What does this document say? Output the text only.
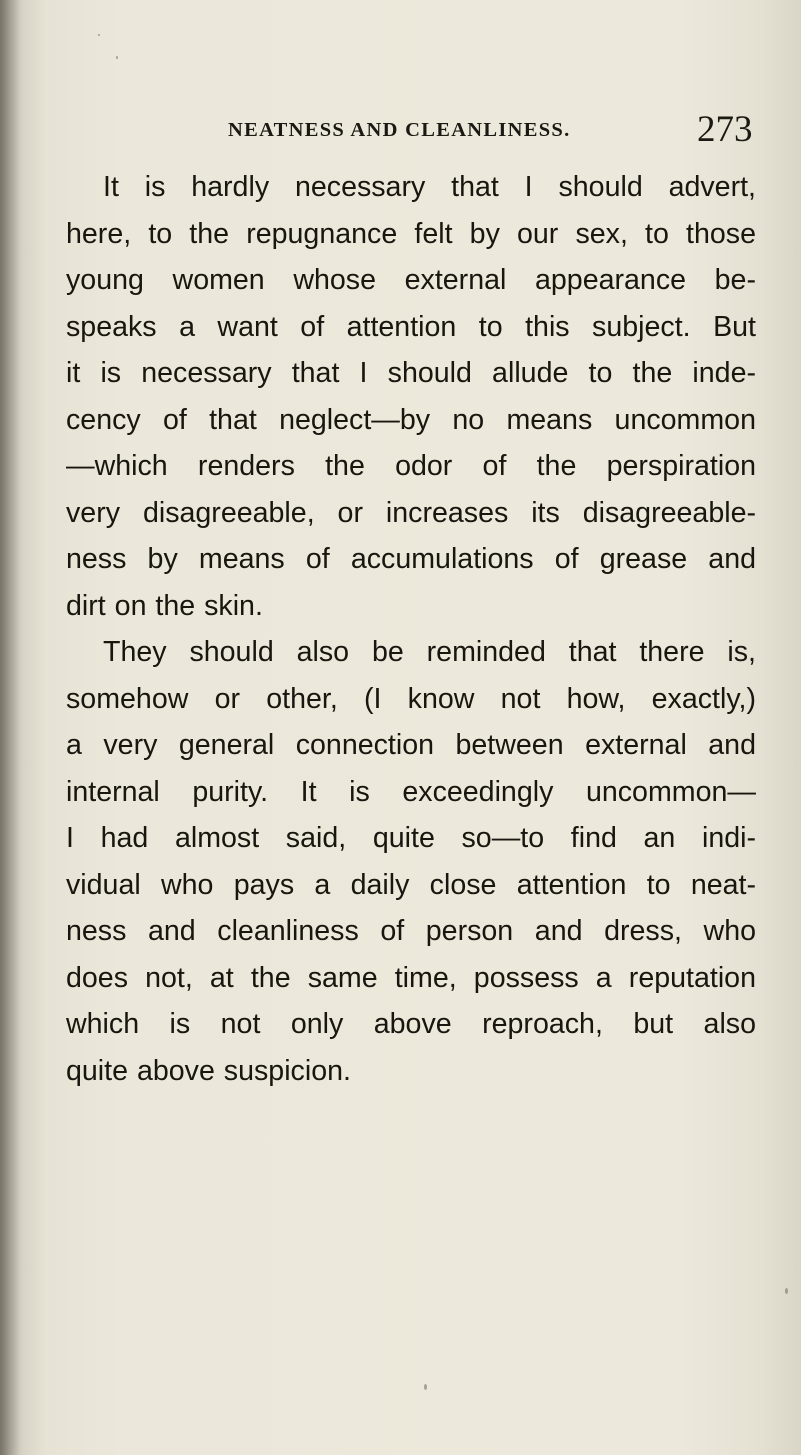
NEATNESS AND CLEANLINESS.	273
It is hardly necessary that I should advert,
here, to the repugnance felt by our sex, to those
young women whose external appearance be-
speaks a want of attention to this subject. But
it is necessary that I should allude to the inde-
cency of that neglect—by no means uncommon
—which renders the odor of the perspiration
very disagreeable, or increases its disagreeable-
ness by means of accumulations of grease and
dirt on the skin.
They should also be reminded that there is,
somehow or other, (I know not how, exactly,)
a very general connection between external and
internal purity. It is exceedingly uncommon—
I had almost said, quite so—to find an indi-
vidual who pays a daily close attention to neat-
ness and cleanliness of person and dress, who
does not, at the same time, possess a reputation
which is not only above reproach, but also
quite above suspicion.
